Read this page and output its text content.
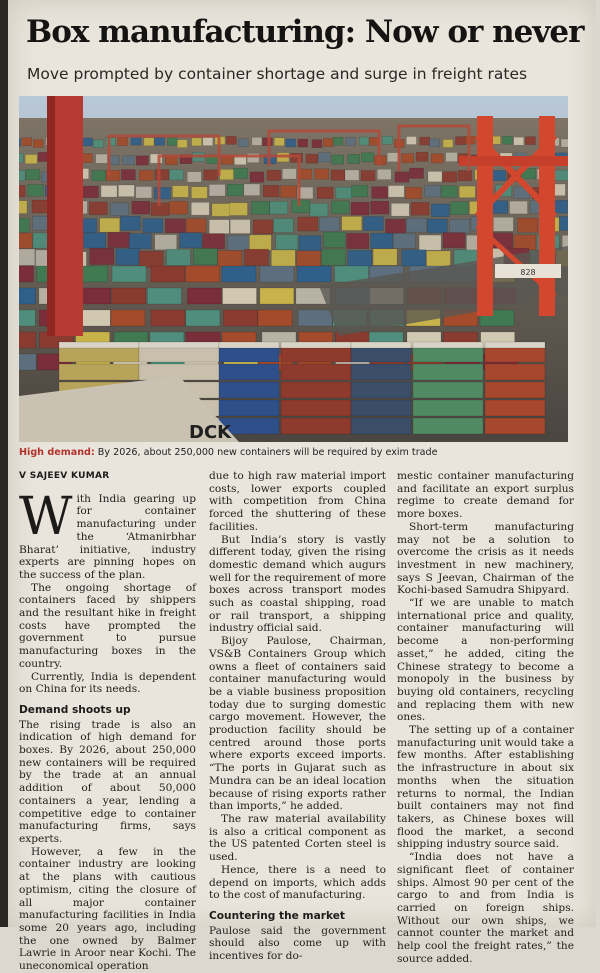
Box manufacturing: Now or never
Move prompted by container shortage and surge in freight rates
828
DCK
High demand: By 2026, about 250,000 new containers will be required by exim trade
V SAJEEV KUMAR

With India gearing up for container manufacturing under the ‘Atmanirbhar Bharat’ initiative, industry experts are pinning hopes on the success of the plan.

The ongoing shortage of containers faced by shippers and the resultant hike in freight costs have prompted the government to pursue manufacturing boxes in the country.

Currently, India is dependent on China for its needs.

Demand shoots up

The rising trade is also an indication of high demand for boxes. By 2026, about 250,000 new containers will be required by the trade at an annual addition of about 50,000 containers a year, lending a competitive edge to container manufacturing firms, says experts.

However, a few in the container industry are looking at the plans with cautious optimism, citing the closure of all major container manufacturing facilities in India some 20 years ago, including the one owned by Balmer Lawrie in Aroor near Kochi. The uneconomical operation

due to high raw material import costs, lower exports coupled with competition from China forced the shuttering of these facilities.

But India’s story is vastly different today, given the rising domestic demand which augurs well for the requirement of more boxes across transport modes such as coastal shipping, road or rail transport, a shipping industry official said.

Bijoy Paulose, Chairman, VS&B Containers Group which owns a fleet of containers said container manufacturing would be a viable business proposition today due to surging domestic cargo movement. However, the production facility should be centred around those ports where exports exceed imports. “The ports in Gujarat such as Mundra can be an ideal location because of rising exports rather than imports,” he added.

The raw material availability is also a critical component as the US patented Corten steel is used.

Hence, there is a need to depend on imports, which adds to the cost of manufacturing.

Countering the market

Paulose said the government should also come up with incentives for do-

mestic container manufacturing and facilitate an export surplus regime to create demand for more boxes.

Short-term manufacturing may not be a solution to overcome the crisis as it needs investment in new machinery, says S Jeevan, Chairman of the Kochi-based Samudra Shipyard.

“If we are unable to match international price and quality, container manufacturing will become a non-performing asset,” he added, citing the Chinese strategy to become a monopoly in the business by buying old containers, recycling and replacing them with new ones.

The setting up of a container manufacturing unit would take a few months. After establishing the infrastructure in about six months when the situation returns to normal, the Indian built containers may not find takers, as Chinese boxes will flood the market, a second shipping industry source said.

“India does not have a significant fleet of container ships. Almost 90 per cent of the cargo to and from India is carried on foreign ships. Without our own ships, we cannot counter the market and help cool the freight rates,” the source added.
